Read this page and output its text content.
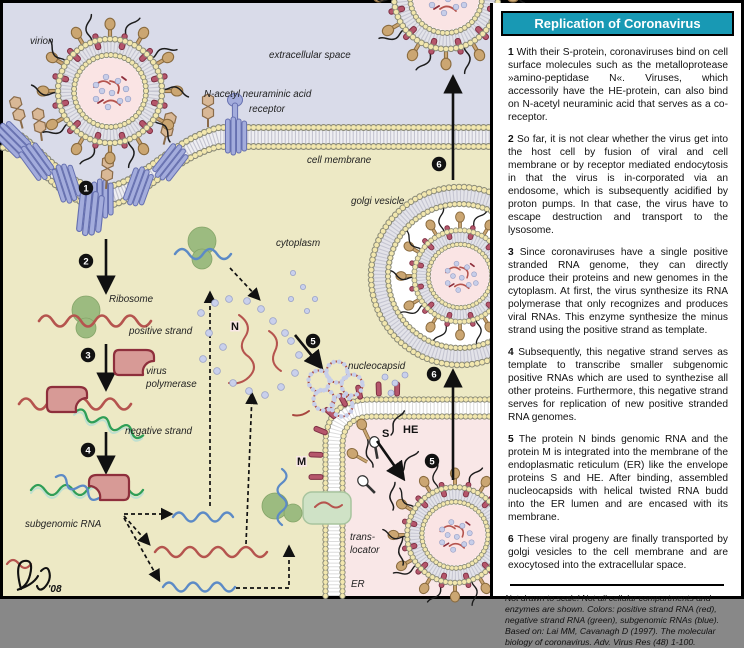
1
2
3
4
5
5
6
6
virion
extracellular space
N-acetyl neuraminic acid
receptor
cell membrane
cytoplasm
golgi vesicle
Ribosome
positive strand
virus
polymerase
negative strand
subgenomic RNA
N
nucleocapsid
M
S HE
trans-
locator
ER
'08
Replication of Coronavirus

1 With their S-protein, coronaviruses bind on cell surface molecules such as the metalloprotease »amino-peptidase N«. Viruses, which accessorily have the HE-protein, can also bind on N-acetyl neuraminic acid that serves as a co-receptor.

2 So far, it is not clear whether the virus get into the host cell by fusion of viral and cell membrane or by receptor mediated endocytosis in that the virus is in-corporated via an endosome, which is subsequently acidified by proton pumps. In that case, the virus have to escape destruction and transport to the lysosome.

3 Since coronaviruses have a single positive stranded RNA genome, they can directly produce their proteins and new genomes in the cytoplasm. At first, the virus synthesize its RNA polymerase that only recognizes and produces viral RNAs. This enzyme synthesize the minus strand using the positive strand as template.

4 Subsequently, this negative strand serves as template to transcribe smaller subgenomic positive RNAs which are used to synthezise all other proteins. Furthermore, this negative strand serves for replication of new positive stranded RNA genomes.

5 The protein N binds genomic RNA and the protein M is integrated into the membrane of the endoplasmatic reticulum (ER) like the envelope proteins S and HE. After binding, assembled nucleocapsids with helical twisted RNA budd into the ER lumen and are encased with its membrane.

6 These viral progeny are finally transported by golgi vesicles to the cell membrane and are exocytosed into the extracellular space.

Not drawn to scale! Not all cellular compartments and enzymes are shown. Colors: positive strand RNA (red), negative strand RNA (green), subgenomic RNAs (blue).

Based on: Lai MM, Cavanagh D (1997). The molecular biology of coronavirus. Adv. Virus Res (48) 1-100.
